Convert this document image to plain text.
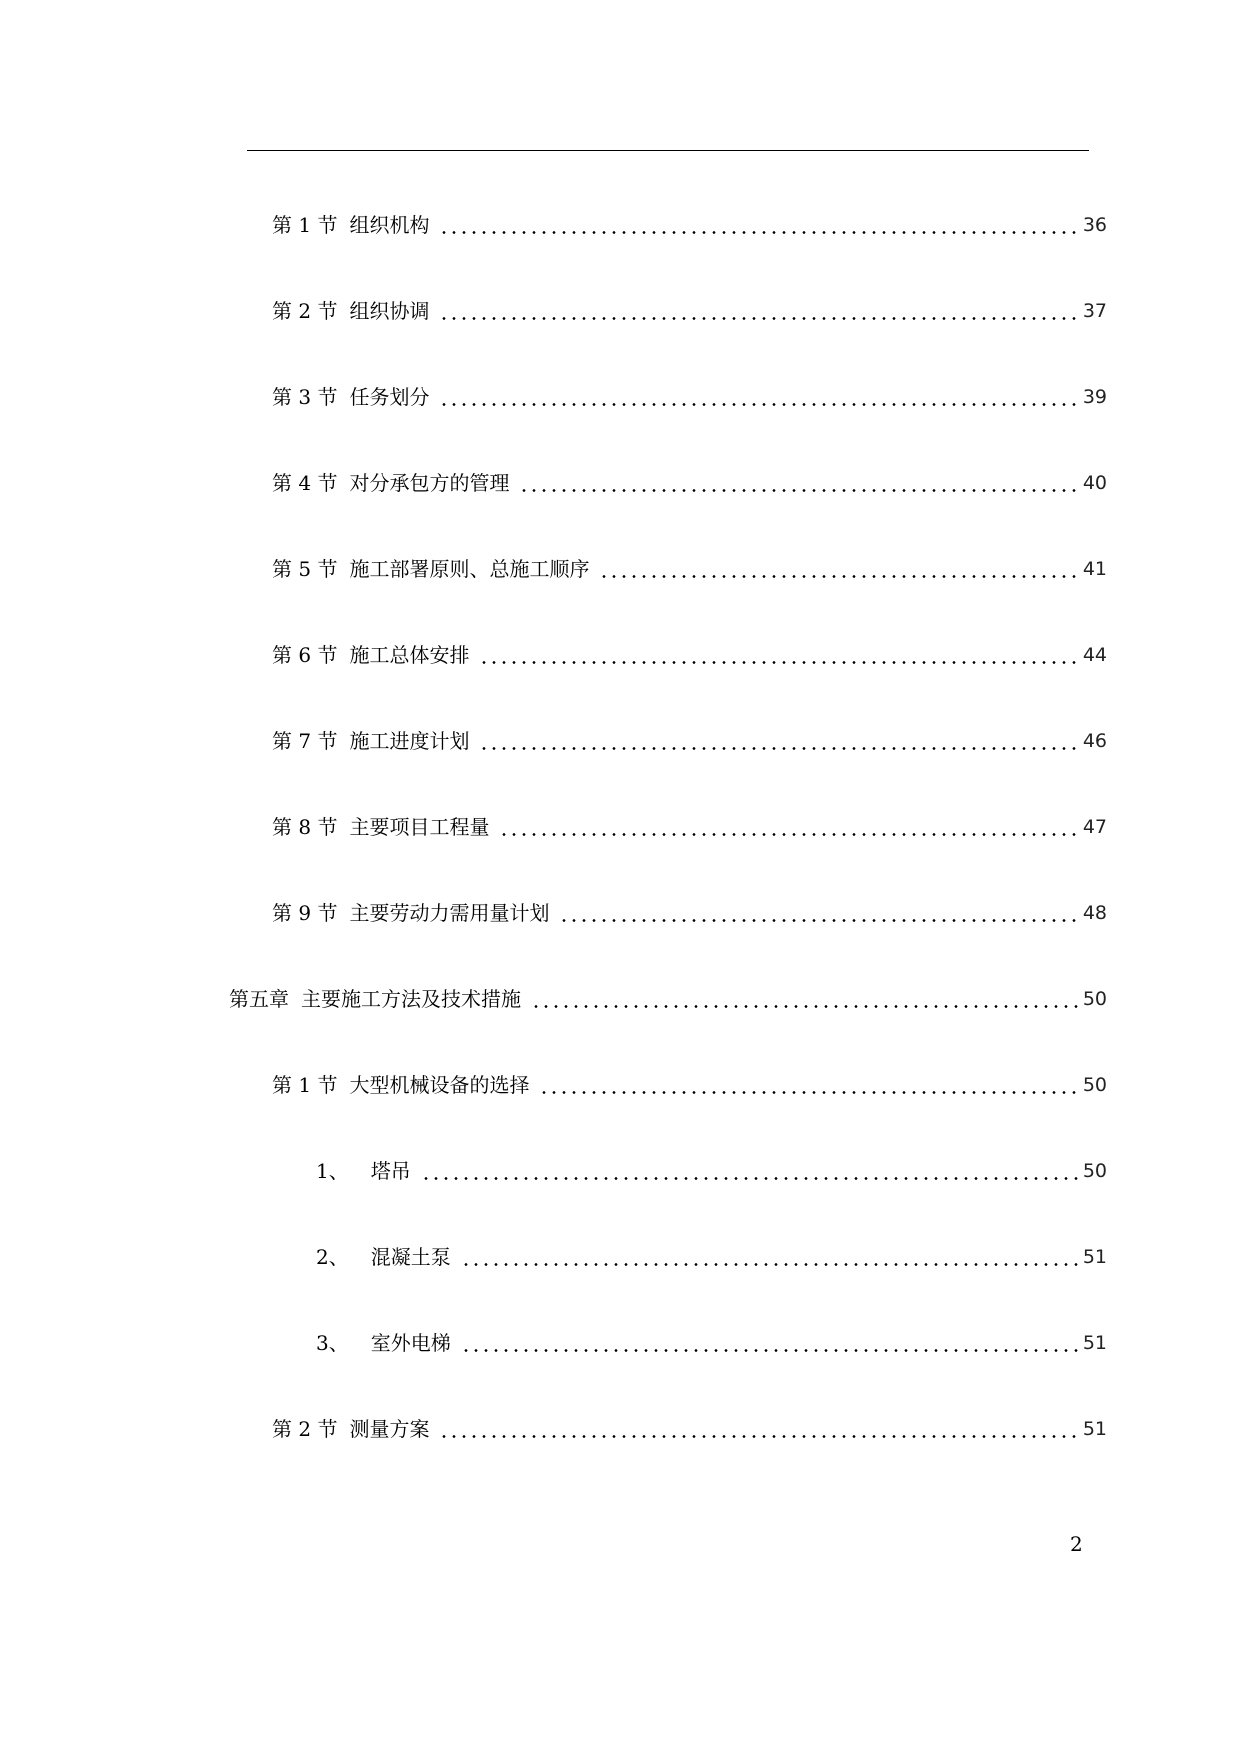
第 1 节 组织机构	36
第 2 节 组织协调	37
第 3 节 任务划分	39
第 4 节 对分承包方的管理	40
第 5 节 施工部署原则、总施工顺序	41
第 6 节 施工总体安排	44
第 7 节 施工进度计划	46
第 8 节 主要项目工程量	47
第 9 节 主要劳动力需用量计划	48
第五章 主要施工方法及技术措施	50
第 1 节 大型机械设备的选择	50
1、 塔吊	50
2、 混凝土泵	51
3、 室外电梯	51
第 2 节 测量方案	51
2
